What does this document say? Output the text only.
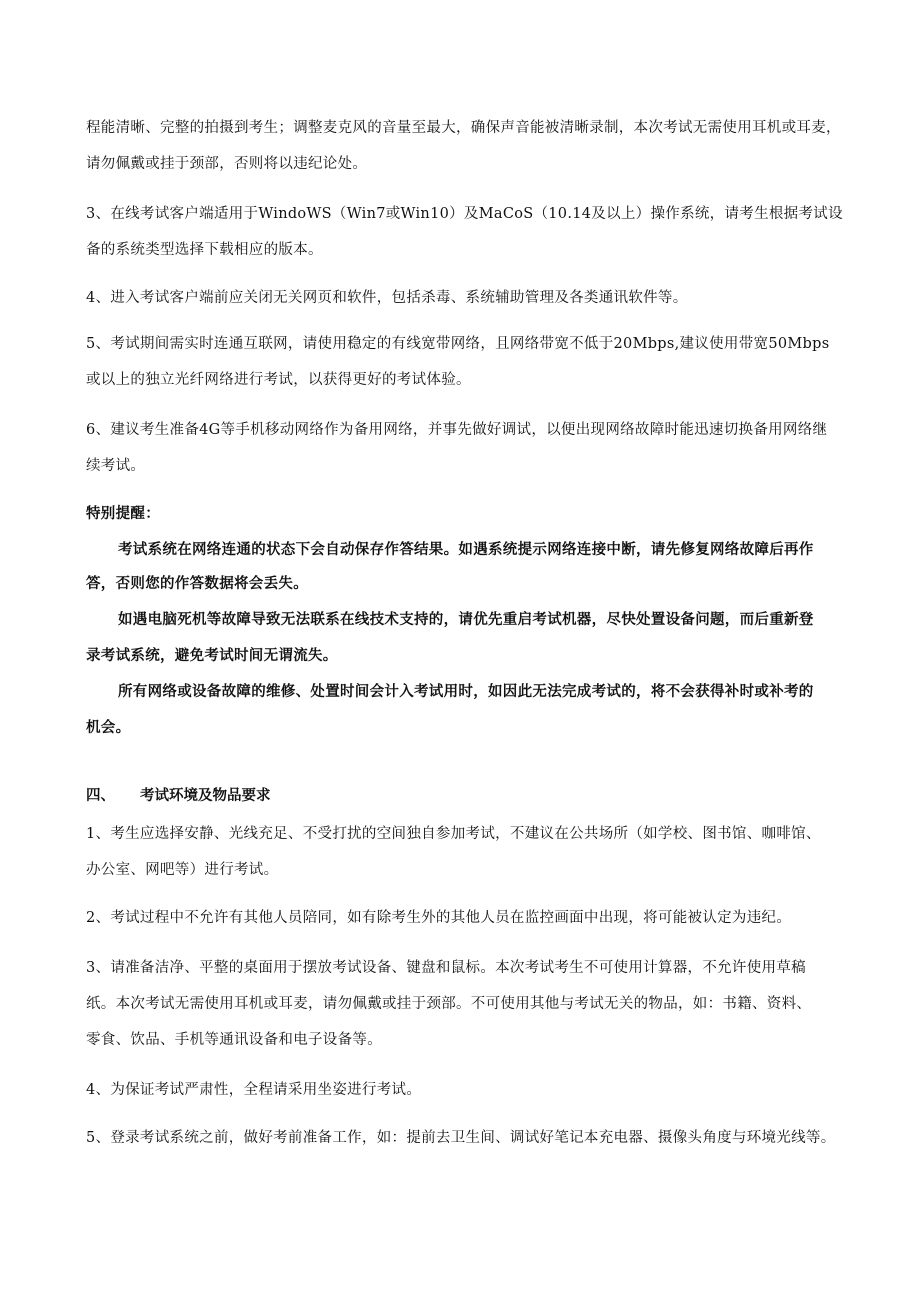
程能清晰、完整的拍摄到考生；调整麦克风的音量至最大，确保声音能被清晰录制，本次考试无需使用耳机或耳麦，
请勿佩戴或挂于颈部，否则将以违纪论处。
3、在线考试客户端适用于WindoWS（Win7或Win10）及MaCoS（10.14及以上）操作系统，请考生根据考试设
备的系统类型选择下载相应的版本。
4、进入考试客户端前应关闭无关网页和软件，包括杀毒、系统辅助管理及各类通讯软件等。
5、考试期间需实时连通互联网，请使用稳定的有线宽带网络，且网络带宽不低于20Mbps,建议使用带宽50Mbps
或以上的独立光纤网络进行考试，以获得更好的考试体验。
6、建议考生准备4G等手机移动网络作为备用网络，并事先做好调试，以便出现网络故障时能迅速切换备用网络继
续考试。
特别提醒：
考试系统在网络连通的状态下会自动保存作答结果。如遇系统提示网络连接中断，请先修复网络故障后再作
答，否则您的作答数据将会丢失。
如遇电脑死机等故障导致无法联系在线技术支持的，请优先重启考试机器，尽快处置设备问题，而后重新登
录考试系统，避免考试时间无谓流失。
所有网络或设备故障的维修、处置时间会计入考试用时，如因此无法完成考试的，将不会获得补时或补考的
机会。
四、 考试环境及物品要求
1、考生应选择安静、光线充足、不受打扰的空间独自参加考试，不建议在公共场所（如学校、图书馆、咖啡馆、
办公室、网吧等）进行考试。
2、考试过程中不允许有其他人员陪同，如有除考生外的其他人员在监控画面中出现，将可能被认定为违纪。
3、请准备洁净、平整的桌面用于摆放考试设备、键盘和鼠标。本次考试考生不可使用计算器，不允许使用草稿
纸。本次考试无需使用耳机或耳麦，请勿佩戴或挂于颈部。不可使用其他与考试无关的物品，如：书籍、资料、
零食、饮品、手机等通讯设备和电子设备等。
4、为保证考试严肃性，全程请采用坐姿进行考试。
5、登录考试系统之前，做好考前准备工作，如：提前去卫生间、调试好笔记本充电器、摄像头角度与环境光线等。
